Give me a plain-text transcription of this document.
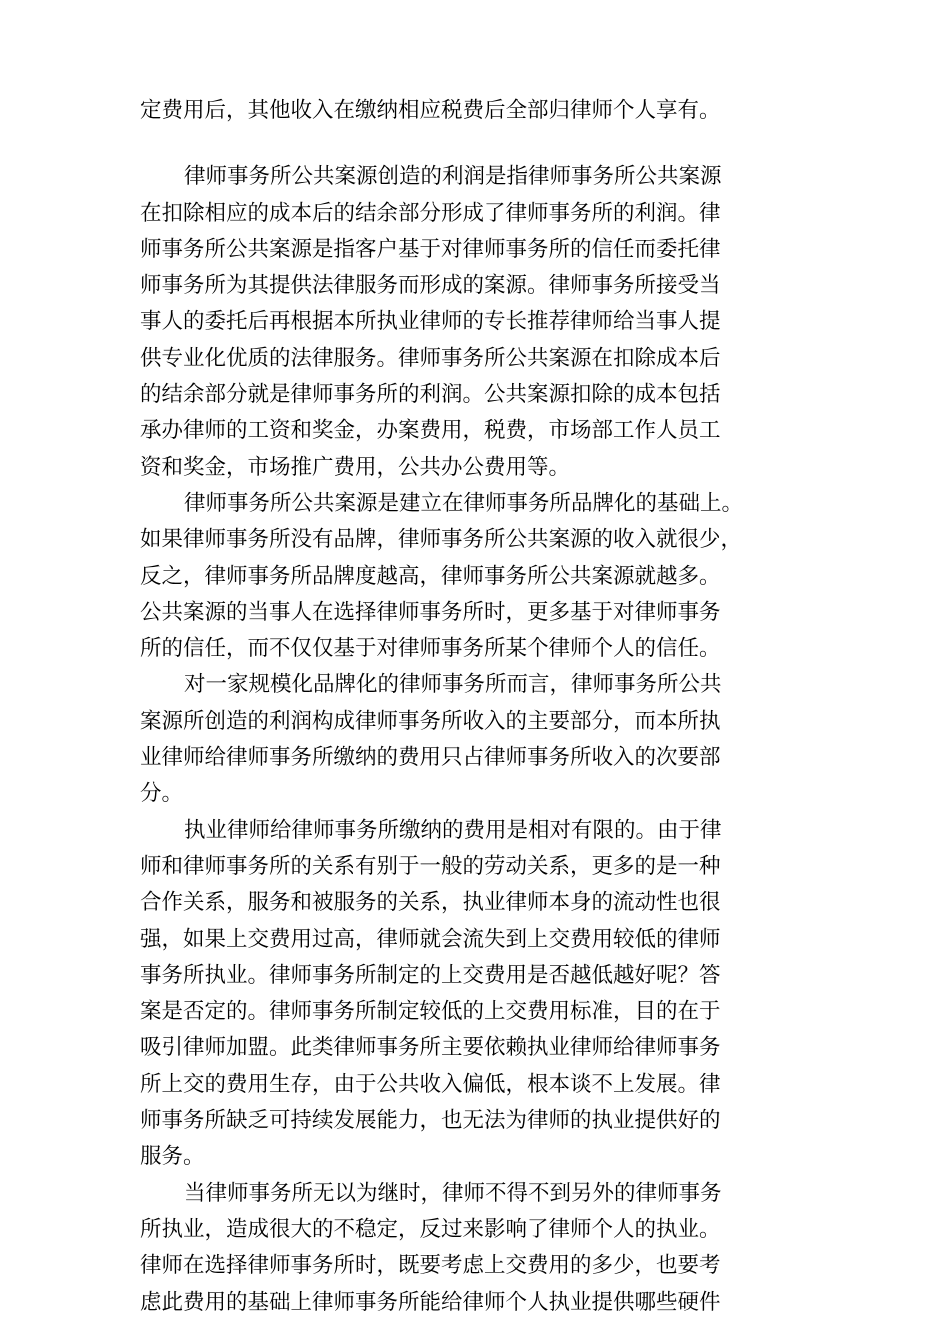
定费用后，其他收入在缴纳相应税费后全部归律师个人享有。
律师事务所公共案源创造的利润是指律师事务所公共案源
在扣除相应的成本后的结余部分形成了律师事务所的利润。律
师事务所公共案源是指客户基于对律师事务所的信任而委托律
师事务所为其提供法律服务而形成的案源。律师事务所接受当
事人的委托后再根据本所执业律师的专长推荐律师给当事人提
供专业化优质的法律服务。律师事务所公共案源在扣除成本后
的结余部分就是律师事务所的利润。公共案源扣除的成本包括
承办律师的工资和奖金，办案费用，税费，市场部工作人员工
资和奖金，市场推广费用，公共办公费用等。
律师事务所公共案源是建立在律师事务所品牌化的基础上。
如果律师事务所没有品牌，律师事务所公共案源的收入就很少，
反之，律师事务所品牌度越高，律师事务所公共案源就越多。
公共案源的当事人在选择律师事务所时，更多基于对律师事务
所的信任，而不仅仅基于对律师事务所某个律师个人的信任。
对一家规模化品牌化的律师事务所而言，律师事务所公共
案源所创造的利润构成律师事务所收入的主要部分，而本所执
业律师给律师事务所缴纳的费用只占律师事务所收入的次要部
分。
执业律师给律师事务所缴纳的费用是相对有限的。由于律
师和律师事务所的关系有别于一般的劳动关系，更多的是一种
合作关系，服务和被服务的关系，执业律师本身的流动性也很
强，如果上交费用过高，律师就会流失到上交费用较低的律师
事务所执业。律师事务所制定的上交费用是否越低越好呢？答
案是否定的。律师事务所制定较低的上交费用标准，目的在于
吸引律师加盟。此类律师事务所主要依赖执业律师给律师事务
所上交的费用生存，由于公共收入偏低，根本谈不上发展。律
师事务所缺乏可持续发展能力，也无法为律师的执业提供好的
服务。
当律师事务所无以为继时，律师不得不到另外的律师事务
所执业，造成很大的不稳定，反过来影响了律师个人的执业。
律师在选择律师事务所时，既要考虑上交费用的多少，也要考
虑此费用的基础上律师事务所能给律师个人执业提供哪些硬件
